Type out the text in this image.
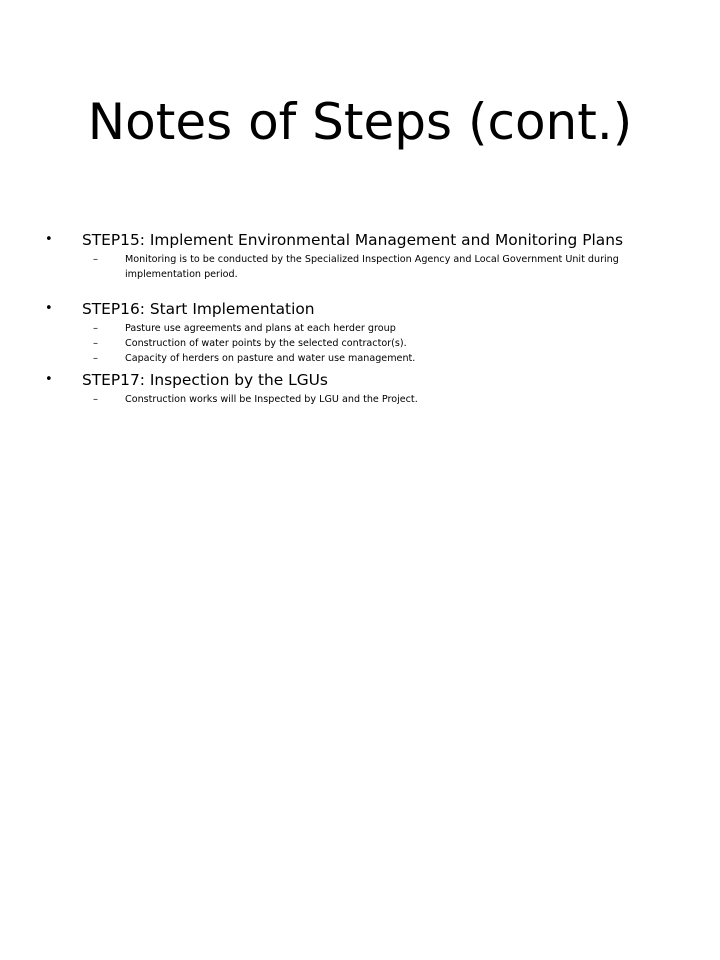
Notes of Steps (cont.)
• STEP15: Implement Environmental Management and Monitoring Plans
–	Monitoring is to be conducted by the Specialized Inspection Agency and Local Government Unit during implementation period.
• STEP16: Start Implementation
–	Pasture use agreements and plans at each herder group
–	Construction of water points by the selected contractor(s).
–	Capacity of herders on pasture and water use management.
• STEP17: Inspection by the LGUs
–	Construction works will be Inspected by LGU and the Project.
